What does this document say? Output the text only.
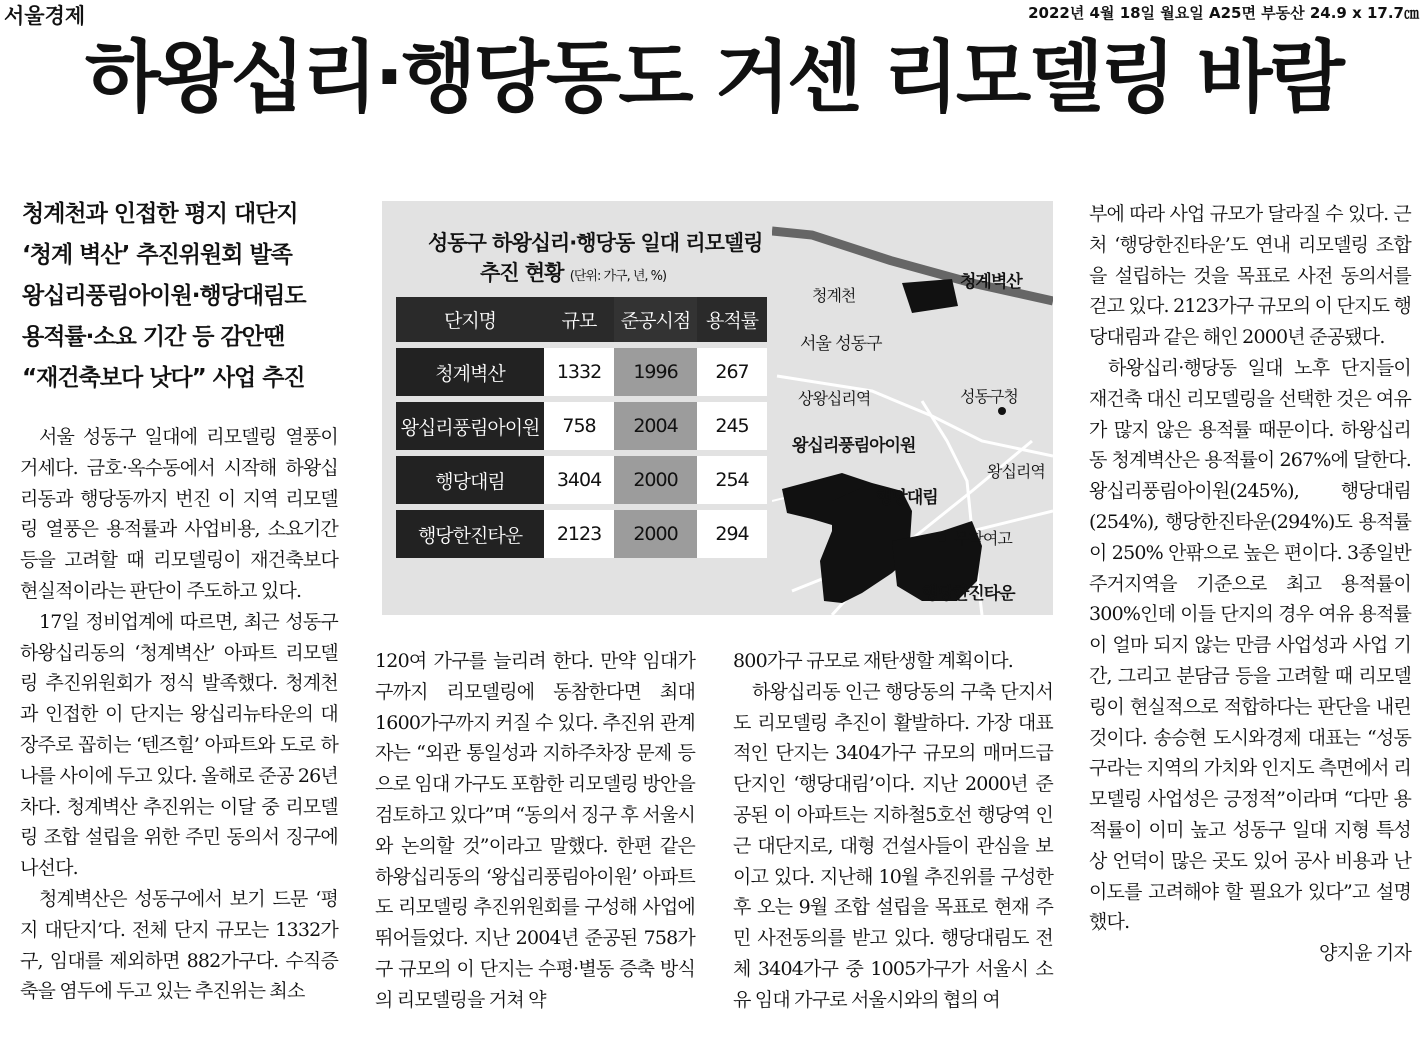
서울경제	2022년 4월 18일 월요일 A25면 부동산 24.9 x 17.7㎝
하왕십리·행당동도 거센 리모델링 바람
청계천과 인접한 평지 대단지
‘청계 벽산’ 추진위원회 발족
왕십리풍림아이원·행당대림도
용적률·소요 기간 등 감안땐
“재건축보다 낫다” 사업 추진
성동구 하왕십리·행당동 일대 리모델링
추진 현황 (단위: 가구, 년, %)
단지명	규모	준공시점	용적률
청계벽산	1332	1996	267
왕십리풍림아이원	758	2004	245
행당대림	3404	2000	254
행당한진타운	2123	2000	294
청계천
청계벽산
서울 성동구
상왕십리역	성동구청
왕십리풍림아이원
왕십리역
행당대림
무학여고
행당한진타운

서울 성동구 일대에 리모델링 열풍이 거세다. 금호·옥수동에서 시작해 하왕십리동과 행당동까지 번진 이 지역 리모델링 열풍은 용적률과 사업비용, 소요기간 등을 고려할 때 리모델링이 재건축보다 현실적이라는 판단이 주도하고 있다.

17일 정비업계에 따르면, 최근 성동구 하왕십리동의 ‘청계벽산’ 아파트 리모델링 추진위원회가 정식 발족했다. 청계천과 인접한 이 단지는 왕십리뉴타운의 대장주로 꼽히는 ‘텐즈힐’ 아파트와 도로 하나를 사이에 두고 있다. 올해로 준공 26년차다. 청계벽산 추진위는 이달 중 리모델링 조합 설립을 위한 주민 동의서 징구에 나선다.

청계벽산은 성동구에서 보기 드문 ‘평지 대단지’다. 전체 단지 규모는 1332가구, 임대를 제외하면 882가구다. 수직증축을 염두에 두고 있는 추진위는 최소

120여 가구를 늘리려 한다. 만약 임대가구까지 리모델링에 동참한다면 최대 1600가구까지 커질 수 있다. 추진위 관계자는 “외관 통일성과 지하주차장 문제 등으로 임대 가구도 포함한 리모델링 방안을 검토하고 있다”며 “동의서 징구 후 서울시와 논의할 것”이라고 말했다. 한편 같은 하왕십리동의 ‘왕십리풍림아이원’ 아파트도 리모델링 추진위원회를 구성해 사업에 뛰어들었다. 지난 2004년 준공된 758가구 규모의 이 단지는 수평·별동 증축 방식의 리모델링을 거쳐 약

800가구 규모로 재탄생할 계획이다.

하왕십리동 인근 행당동의 구축 단지서도 리모델링 추진이 활발하다. 가장 대표적인 단지는 3404가구 규모의 매머드급 단지인 ‘행당대림’이다. 지난 2000년 준공된 이 아파트는 지하철5호선 행당역 인근 대단지로, 대형 건설사들이 관심을 보이고 있다. 지난해 10월 추진위를 구성한 후 오는 9월 조합 설립을 목표로 현재 주민 사전동의를 받고 있다. 행당대림도 전체 3404가구 중 1005가구가 서울시 소유 임대 가구로 서울시와의 협의 여

부에 따라 사업 규모가 달라질 수 있다. 근처 ‘행당한진타운’도 연내 리모델링 조합을 설립하는 것을 목표로 사전 동의서를 걷고 있다. 2123가구 규모의 이 단지도 행당대림과 같은 해인 2000년 준공됐다.

하왕십리·행당동 일대 노후 단지들이 재건축 대신 리모델링을 선택한 것은 여유가 많지 않은 용적률 때문이다. 하왕십리동 청계벽산은 용적률이 267%에 달한다. 왕십리풍림아이원(245%), 행당대림(254%), 행당한진타운(294%)도 용적률이 250% 안팎으로 높은 편이다. 3종일반주거지역을 기준으로 최고 용적률이 300%인데 이들 단지의 경우 여유 용적률이 얼마 되지 않는 만큼 사업성과 사업 기간, 그리고 분담금 등을 고려할 때 리모델링이 현실적으로 적합하다는 판단을 내린 것이다. 송승현 도시와경제 대표는 “성동구라는 지역의 가치와 인지도 측면에서 리모델링 사업성은 긍정적”이라며 “다만 용적률이 이미 높고 성동구 일대 지형 특성상 언덕이 많은 곳도 있어 공사 비용과 난이도를 고려해야 할 필요가 있다”고 설명했다.

양지윤 기자
